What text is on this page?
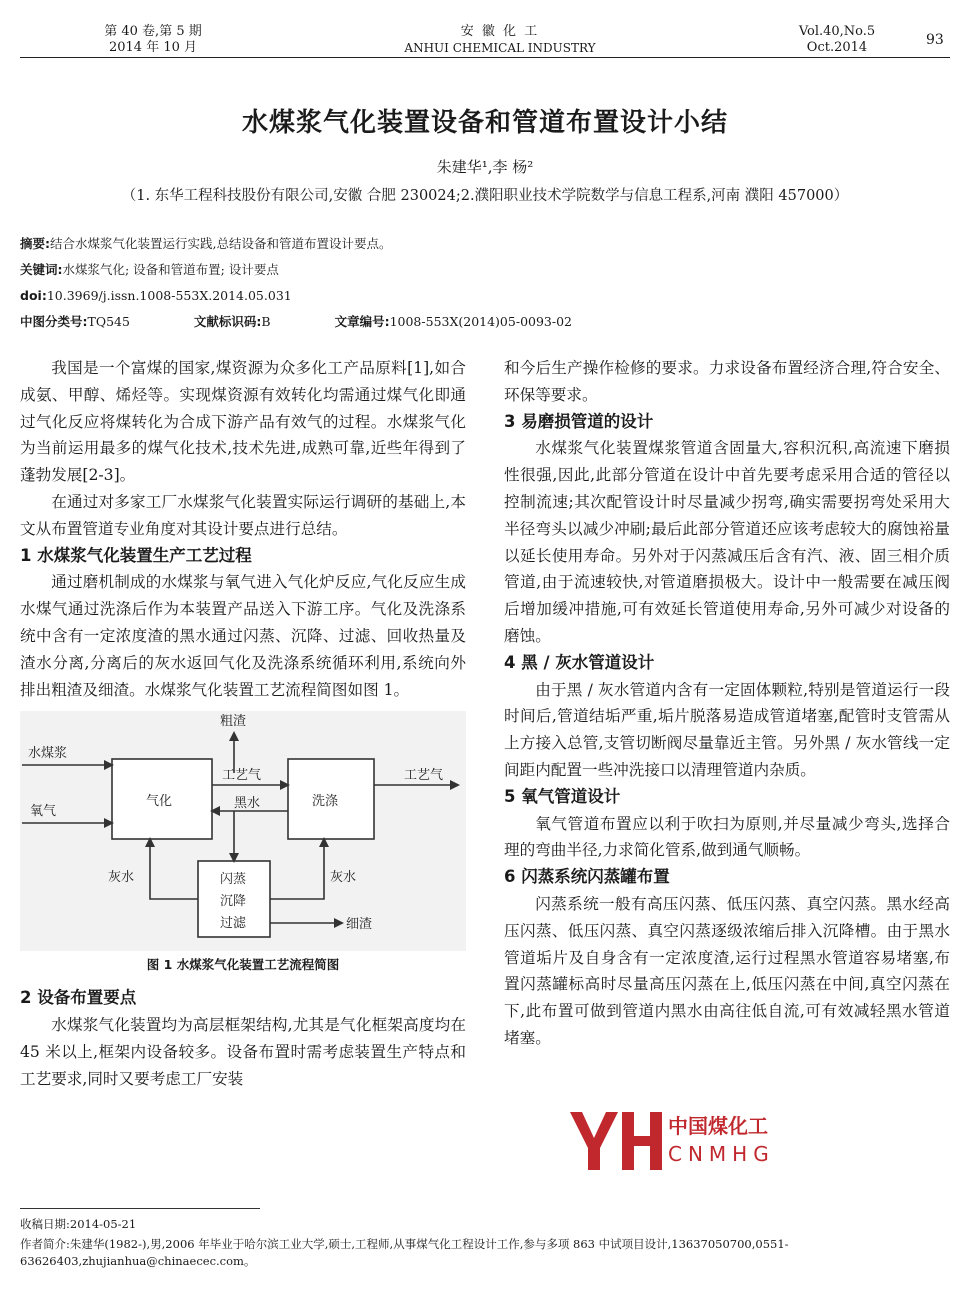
第 40 卷,第 5 期
2014 年 10 月
安 徽 化 工
ANHUI CHEMICAL INDUSTRY
Vol.40,No.5
Oct.2014	93
水煤浆气化装置设备和管道布置设计小结
朱建华¹,李 杨²
（1. 东华工程科技股份有限公司,安徽 合肥 230024;2.濮阳职业技术学院数学与信息工程系,河南 濮阳 457000）
摘要:结合水煤浆气化装置运行实践,总结设备和管道布置设计要点。
关键词:水煤浆气化; 设备和管道布置; 设计要点
doi:10.3969/j.issn.1008-553X.2014.05.031
中图分类号:TQ545	文献标识码:B	文章编号:1008-553X(2014)05-0093-02

我国是一个富煤的国家,煤资源为众多化工产品原料[1],如合成氨、甲醇、烯烃等。实现煤资源有效转化均需通过煤气化即通过气化反应将煤转化为合成下游产品有效气的过程。水煤浆气化为当前运用最多的煤气化技术,技术先进,成熟可靠,近些年得到了蓬勃发展[2-3]。

在通过对多家工厂水煤浆气化装置实际运行调研的基础上,本文从布置管道专业角度对其设计要点进行总结。

1 水煤浆气化装置生产工艺过程

通过磨机制成的水煤浆与氧气进入气化炉反应,气化反应生成水煤气通过洗涤后作为本装置产品送入下游工序。气化及洗涤系统中含有一定浓度渣的黑水通过闪蒸、沉降、过滤、回收热量及渣水分离,分离后的灰水返回气化及洗涤系统循环利用,系统向外排出粗渣及细渣。水煤浆气化装置工艺流程简图如图 1。

水煤浆
氧气
气化	洗涤
粗渣
工艺气	工艺气
黑水
灰水	灰水
闪蒸
沉降
过滤	细渣
图 1 水煤浆气化装置工艺流程简图
2 设备布置要点

水煤浆气化装置均为高层框架结构,尤其是气化框架高度均在 45 米以上,框架内设备较多。设备布置时需考虑装置生产特点和工艺要求,同时又要考虑工厂安装

和今后生产操作检修的要求。力求设备布置经济合理,符合安全、环保等要求。

3 易磨损管道的设计

水煤浆气化装置煤浆管道含固量大,容积沉积,高流速下磨损性很强,因此,此部分管道在设计中首先要考虑采用合适的管径以控制流速;其次配管设计时尽量减少拐弯,确实需要拐弯处采用大半径弯头以减少冲刷;最后此部分管道还应该考虑较大的腐蚀裕量以延长使用寿命。另外对于闪蒸减压后含有汽、液、固三相介质管道,由于流速较快,对管道磨损极大。设计中一般需要在减压阀后增加缓冲措施,可有效延长管道使用寿命,另外可减少对设备的磨蚀。

4 黑 / 灰水管道设计

由于黑 / 灰水管道内含有一定固体颗粒,特别是管道运行一段时间后,管道结垢严重,垢片脱落易造成管道堵塞,配管时支管需从上方接入总管,支管切断阀尽量靠近主管。另外黑 / 灰水管线一定间距内配置一些冲洗接口以清理管道内杂质。

5 氧气管道设计

氧气管道布置应以利于吹扫为原则,并尽量减少弯头,选择合理的弯曲半径,力求简化管系,做到通气顺畅。

6 闪蒸系统闪蒸罐布置

闪蒸系统一般有高压闪蒸、低压闪蒸、真空闪蒸。黑水经高压闪蒸、低压闪蒸、真空闪蒸逐级浓缩后排入沉降槽。由于黑水管道垢片及自身含有一定浓度渣,运行过程黑水管道容易堵塞,布置闪蒸罐标高时尽量高压闪蒸在上,低压闪蒸在中间,真空闪蒸在下,此布置可做到管道内黑水由高往低自流,可有效减轻黑水管道堵塞。

中国煤化工
CNMHG
收稿日期:2014-05-21
作者简介:朱建华(1982-),男,2006 年毕业于哈尔滨工业大学,硕士,工程师,从事煤气化工程设计工作,参与多项 863 中试项目设计,13637050700,0551-63626403,zhujianhua@chinaecec.com。
